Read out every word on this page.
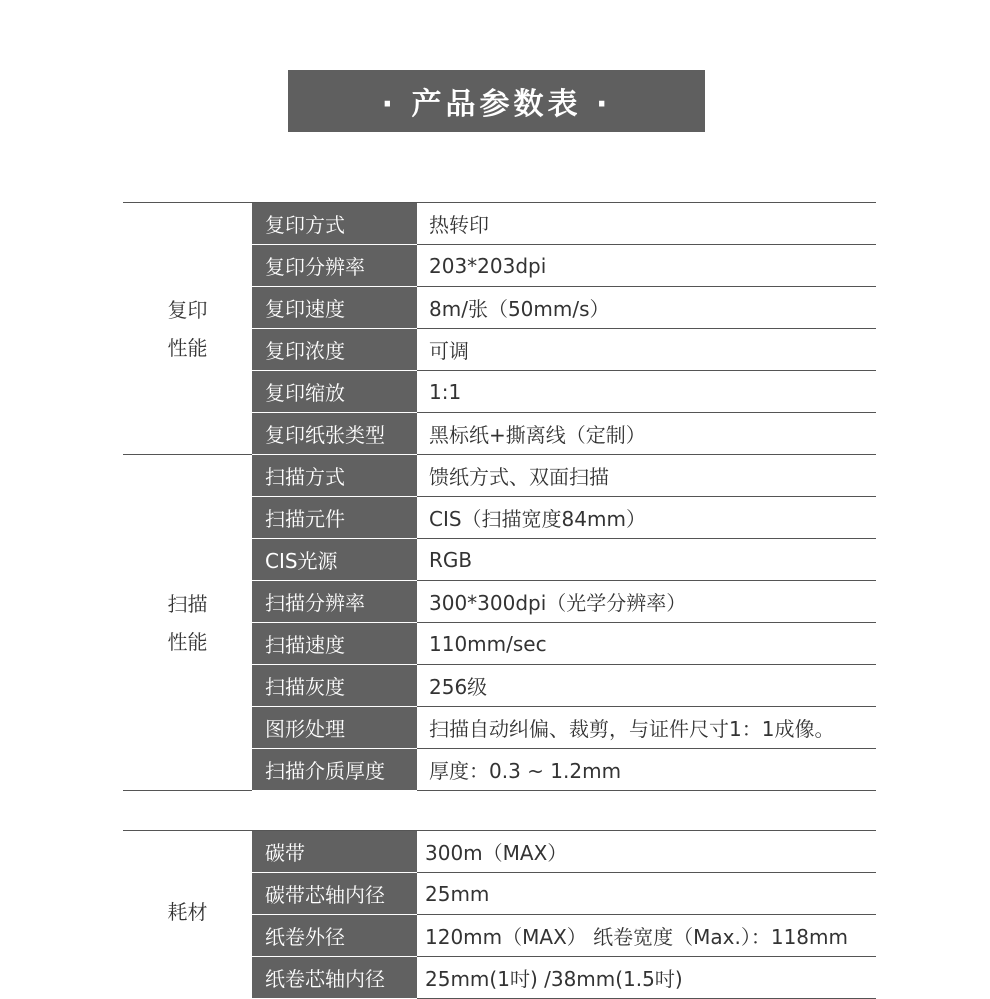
· 产品参数表 ·
复印
性能
复印方式	热转印
复印分辨率	203*203dpi
复印速度	8m/张（50mm/s）
复印浓度	可调
复印缩放	1:1
复印纸张类型	黑标纸+撕离线（定制）
扫描
性能
扫描方式	馈纸方式、双面扫描
扫描元件	CIS（扫描宽度84mm）
CIS光源	RGB
扫描分辨率	300*300dpi（光学分辨率）
扫描速度	110mm/sec
扫描灰度	256级
图形处理	扫描自动纠偏、裁剪，与证件尺寸1：1成像。
扫描介质厚度	厚度：0.3 ~ 1.2mm
耗材
碳带	300m（MAX）
碳带芯轴内径	25mm
纸卷外径	120mm（MAX） 纸卷宽度（Max.）：118mm
纸卷芯轴内径	25mm(1吋) /38mm(1.5吋)
